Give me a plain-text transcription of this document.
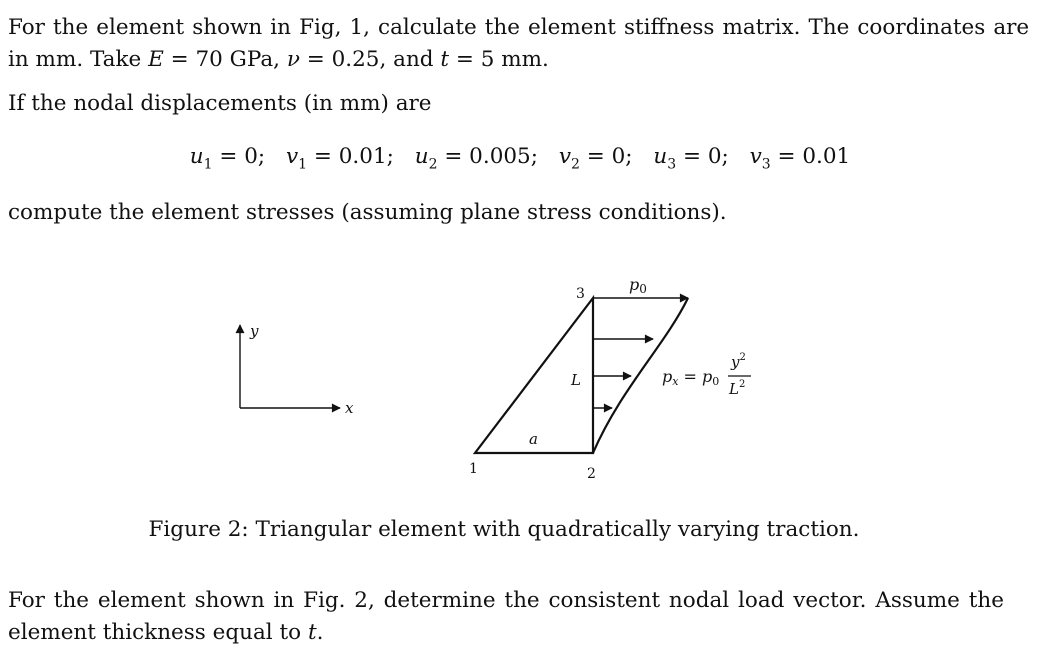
For the element shown in Fig, 1, calculate the element stiffness matrix. The coordinates are
in mm. Take E = 70 GPa, ν = 0.25, and t = 5 mm.

If the nodal displacements (in mm) are

$u_1 = 0$; $v_1 = 0.01$; $u_2 = 0.005$; $v_2 = 0$; $u_3 = 0$; $v_3 = 0.01$

compute the element stresses (assuming plane stress conditions).

y
x
1	2
3
a
L
p0
px = p0
$y^2$
$L^2$
Figure 2: Triangular element with quadratically varying traction.

For the element shown in Fig. 2, determine the consistent nodal load vector. Assume the
element thickness equal to t.
